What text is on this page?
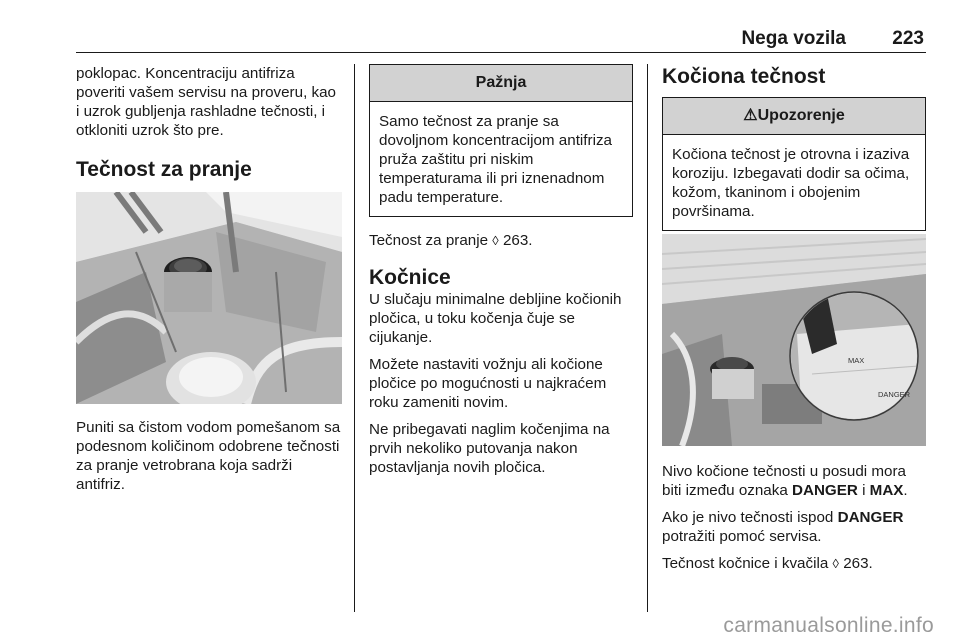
Nega vozila 223

poklopac. Koncentraciju antifriza poveriti vašem servisu na proveru, kao i uzrok gubljenja rashladne tečnosti, i otkloniti uzrok što pre.

Tečnost za pranje

Puniti sa čistom vodom pomešanom sa podesnom količinom odobrene tečnosti za pranje vetrobrana koja sadrži antifriz.

Pažnja
Samo tečnost za pranje sa dovoljnom koncentracijom antifriza pruža zaštitu pri niskim temperaturama ili pri iznenadnom padu temperature.

Tečnost za pranje ◊ 263.

Kočnice

U slučaju minimalne debljine kočionih pločica, u toku kočenja čuje se cijukanje.

Možete nastaviti vožnju ali kočione pločice po mogućnosti u najkraćem roku zameniti novim.

Ne pribegavati naglim kočenjima na prvih nekoliko putovanja nakon postavljanja novih pločica.

Kočiona tečnost
⚠Upozorenje
Kočiona tečnost je otrovna i izaziva koroziju. Izbegavati dodir sa očima, kožom, tkaninom i obojenim površinama.
MAX
DANGER

Nivo kočione tečnosti u posudi mora biti između oznaka DANGER i MAX.

Ako je nivo tečnosti ispod DANGER potražiti pomoć servisa.

Tečnost kočnice i kvačila ◊ 263.

carmanualsonline.info
